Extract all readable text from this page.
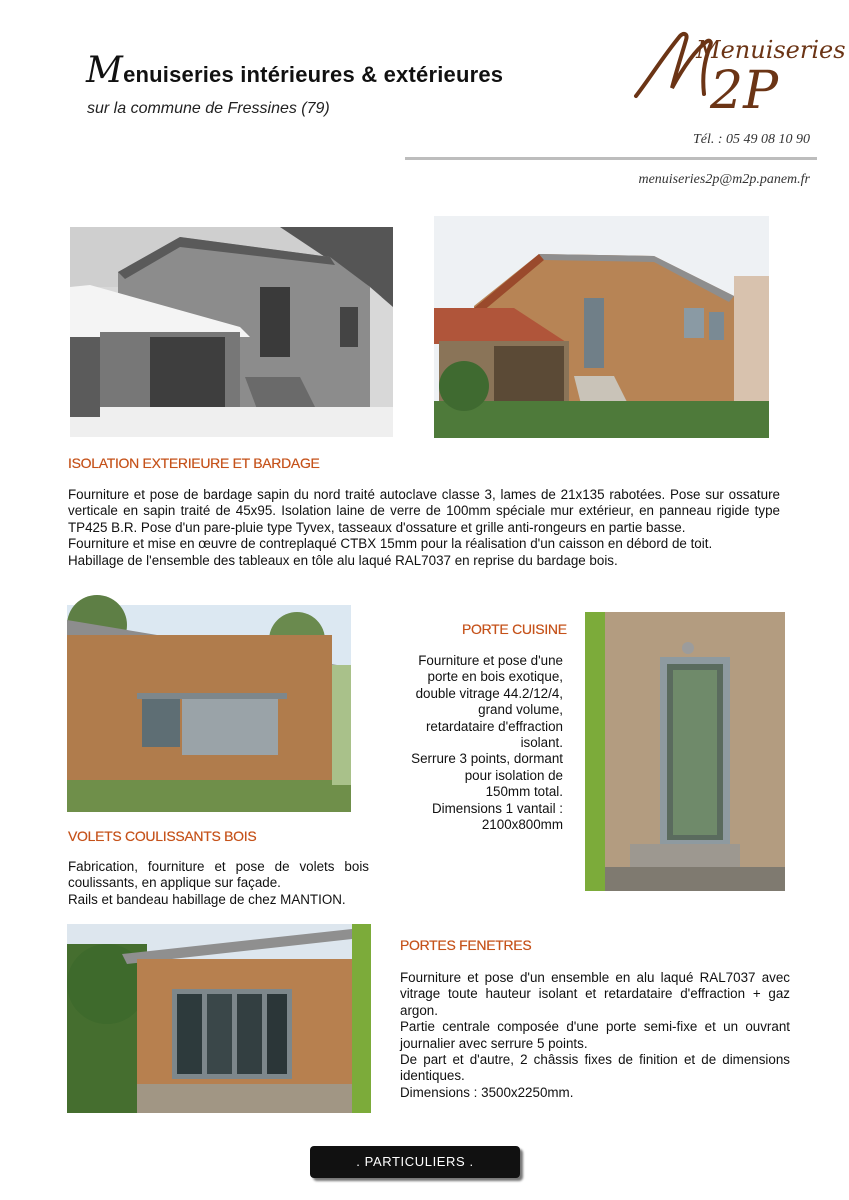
Menuiseries intérieures & extérieures
sur la commune de Fressines (79)
Menuiseries
2P
Tél. : 05 49 08 10 90
menuiseries2p@m2p.panem.fr
ISOLATION EXTERIEURE ET BARDAGE

Fourniture et pose de bardage sapin du nord traité autoclave classe 3, lames de 21x135 rabotées. Pose sur ossature verticale en sapin traité de 45x95. Isolation laine de verre de 100mm spéciale mur extérieur, en panneau rigide type TP425 B.R. Pose d'un pare-pluie type Tyvex, tasseaux d'ossature et grille anti-rongeurs en partie basse.

Fourniture et mise en œuvre de contreplaqué CTBX 15mm pour la réalisation d'un caisson en débord de toit.

Habillage de l'ensemble des tableaux en tôle alu laqué RAL7037 en reprise du bardage bois.

PORTE CUISINE

Fourniture et pose d'une

porte en bois exotique,

double vitrage 44.2/12/4,

grand volume,

retardataire d'effraction

isolant.

Serrure 3 points, dormant

pour isolation de

150mm total.

Dimensions 1 vantail :

2100x800mm

VOLETS COULISSANTS BOIS

Fabrication, fourniture et pose de volets bois coulissants, en applique sur façade.

Rails et bandeau habillage de chez MANTION.

PORTES FENETRES

Fourniture et pose d'un ensemble en alu laqué RAL7037 avec vitrage toute hauteur isolant et retardataire d'effraction + gaz argon.

Partie centrale composée d'une porte semi-fixe et un ouvrant journalier avec serrure 5 points.

De part et d'autre, 2 châssis fixes de finition et de dimensions identiques.

Dimensions : 3500x2250mm.

. PARTICULIERS .
